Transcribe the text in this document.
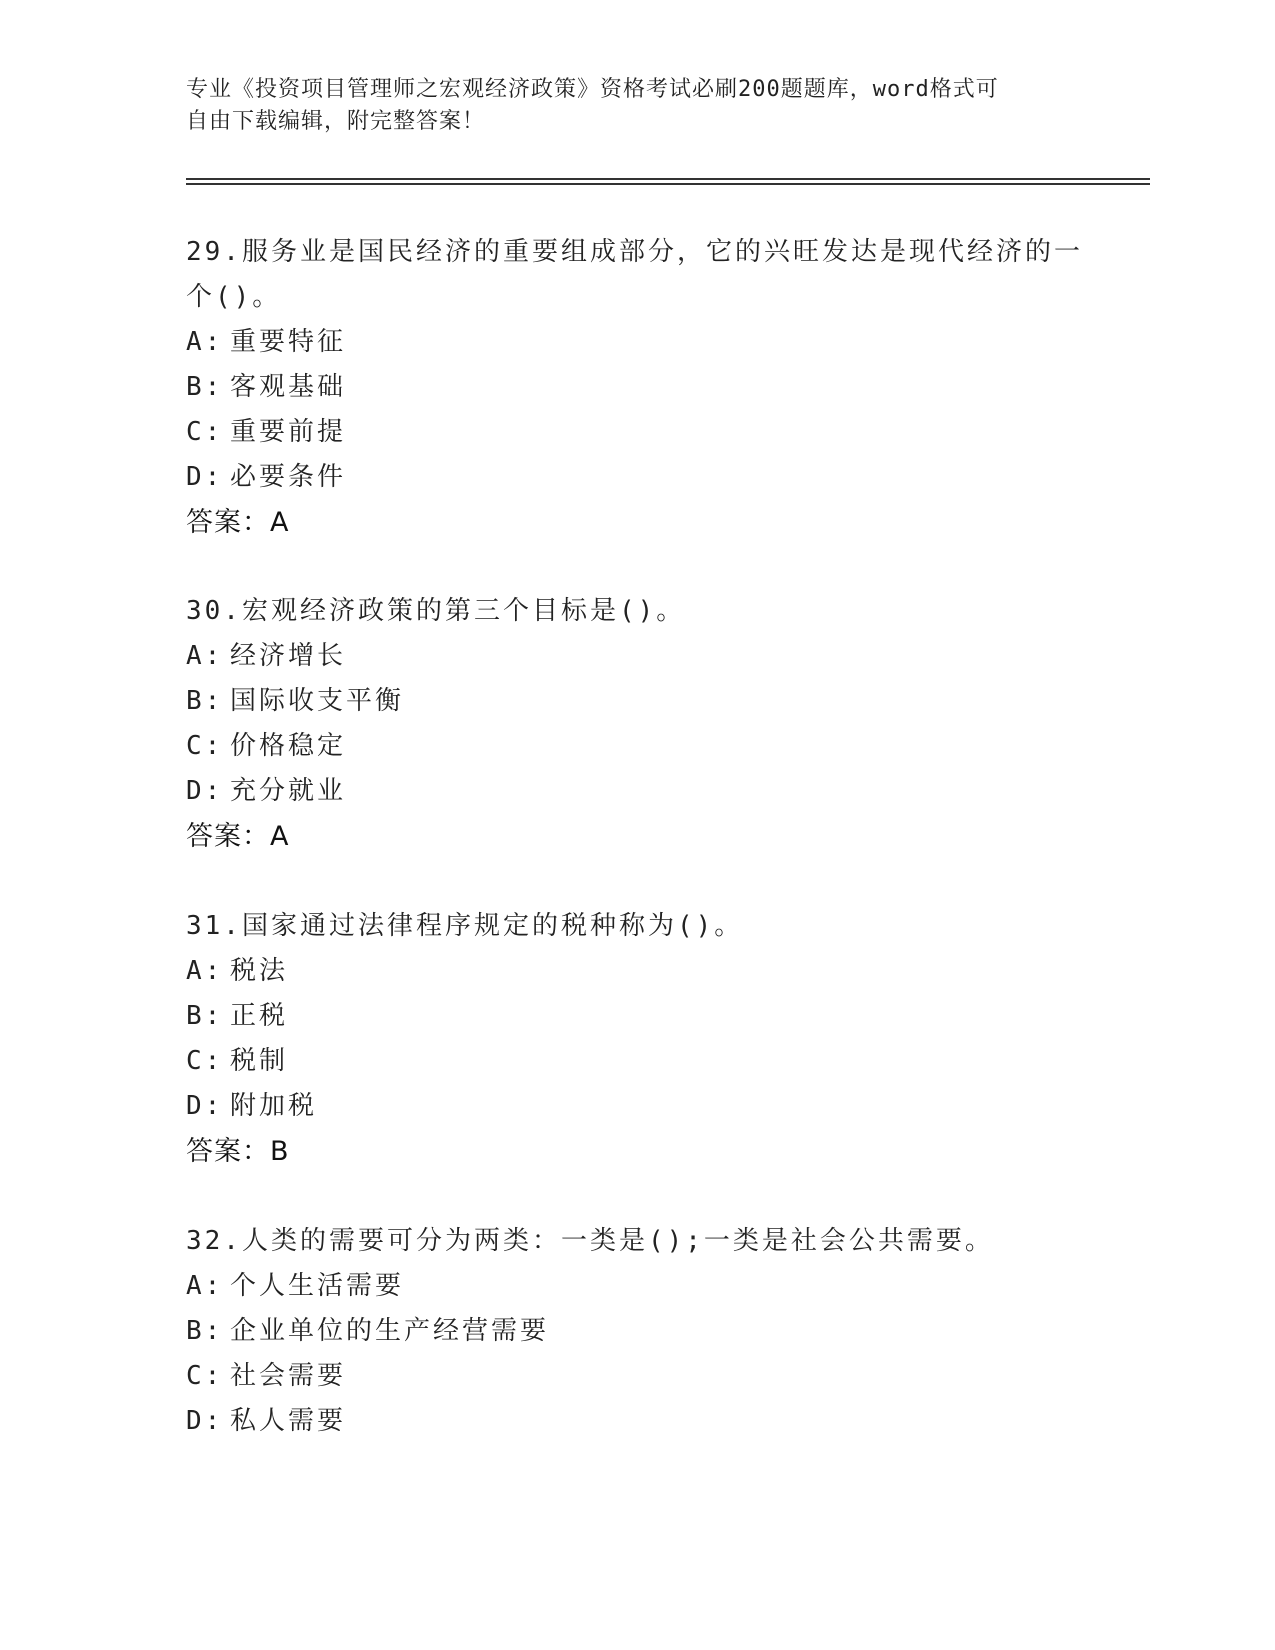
专业《投资项目管理师之宏观经济政策》资格考试必刷200题题库，word格式可
自由下载编辑，附完整答案！
29.服务业是国民经济的重要组成部分，它的兴旺发达是现代经济的一
个()。
A: 重要特征
B: 客观基础
C: 重要前提
D: 必要条件
答案：A
30.宏观经济政策的第三个目标是()。
A: 经济增长
B: 国际收支平衡
C: 价格稳定
D: 充分就业
答案：A
31.国家通过法律程序规定的税种称为()。
A: 税法
B: 正税
C: 税制
D: 附加税
答案：B
32.人类的需要可分为两类：一类是();一类是社会公共需要。
A: 个人生活需要
B: 企业单位的生产经营需要
C: 社会需要
D: 私人需要
